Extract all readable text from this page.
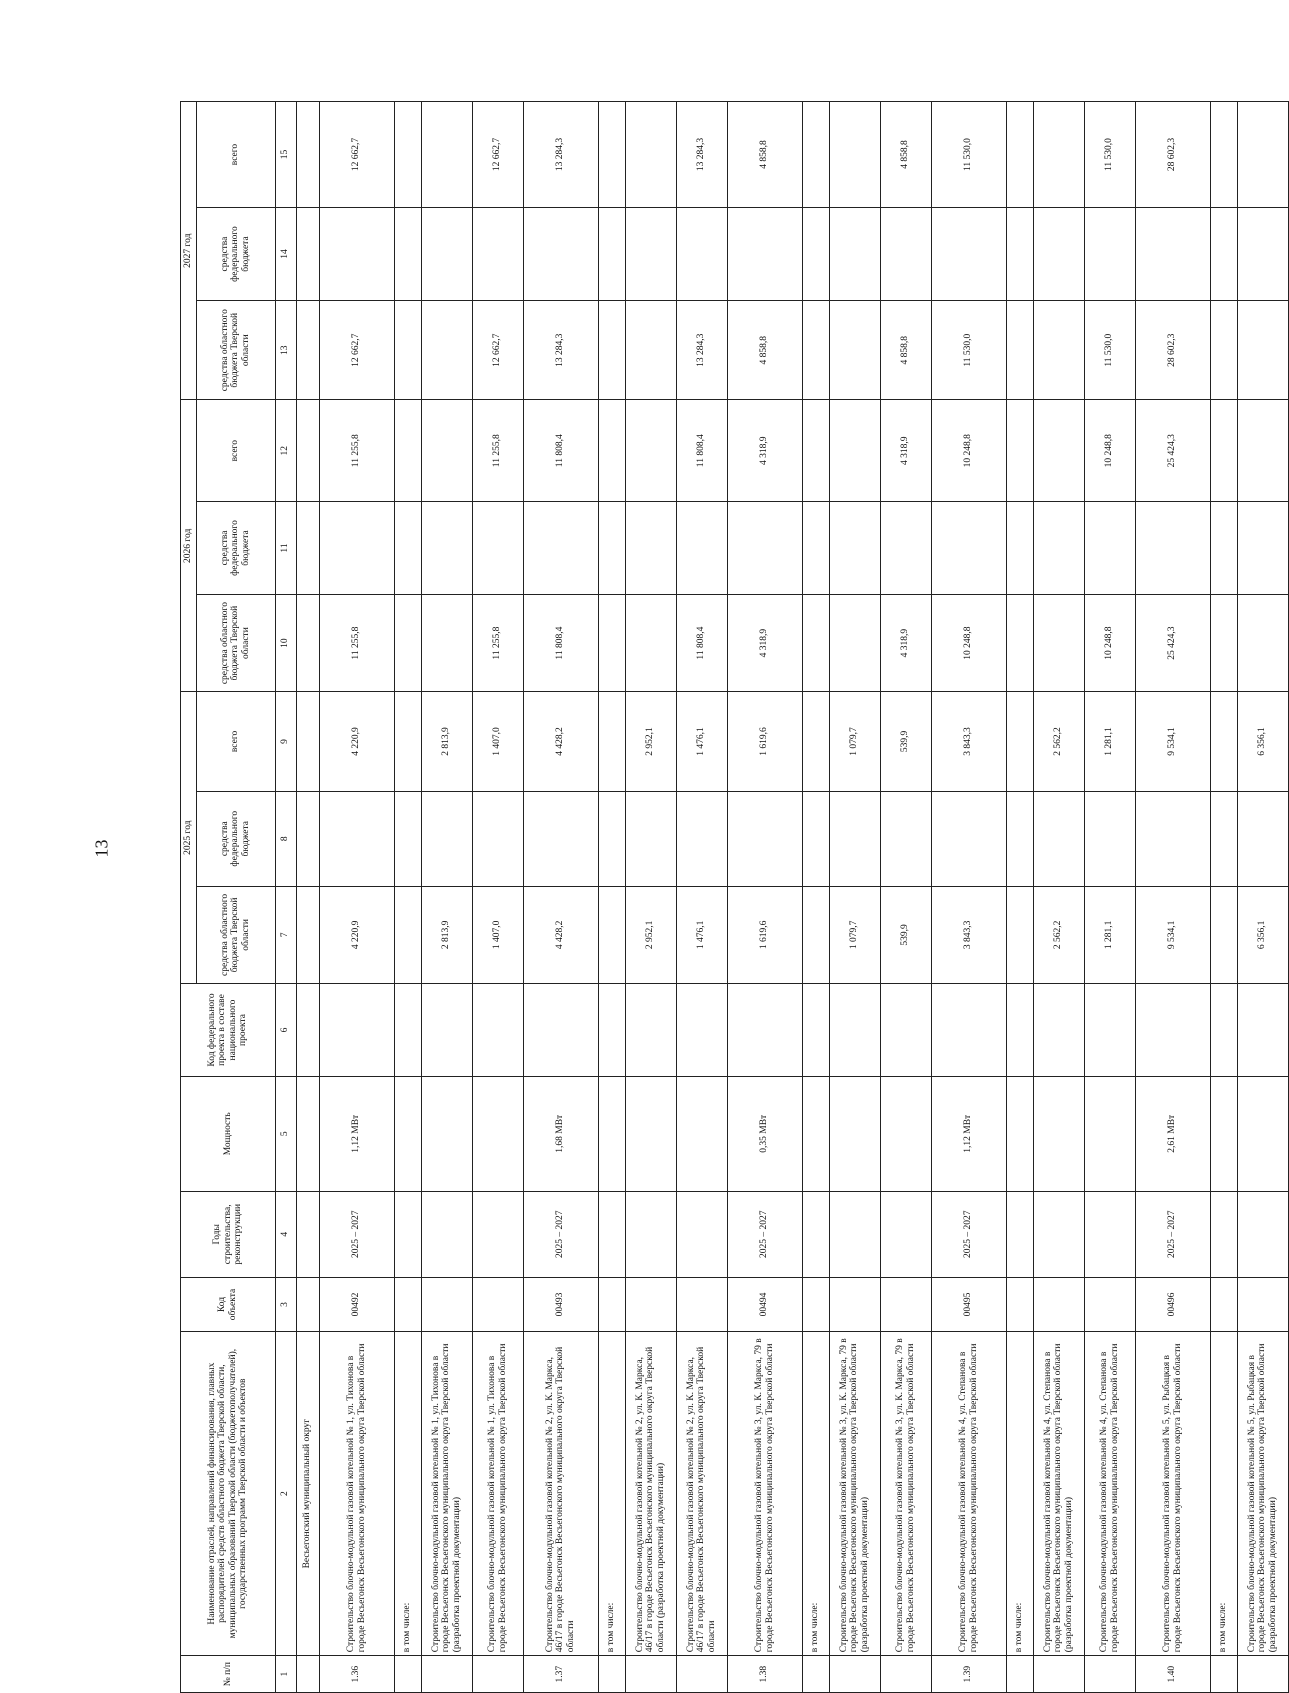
13
№ п/п	Наименование отраслей, направлений финансирования, главных распорядителей средств областного бюджета Тверской области, муниципальных образований Тверской области (бюджетополучателей), государственных программ Тверской области и объектов	Код объекта	Годы строительства, реконструкции	Мощность	Код федерального проекта в составе национального проекта	2025 год			2026 год			2027 год		
						средства областного бюджета Тверской области	средства федерального бюджета	всего	средства областного бюджета Тверской области	средства федерального бюджета	всего	средства областного бюджета Тверской области	средства федерального бюджета	всего
1	2	3	4	5	6	7	8	9	10	11	12	13	14	15
	Весьегонский муниципальный округ													
1.36	Строительство блочно-модульной газовой котельной № 1, ул. Тихонова в городе Весьегонск Весьегонского муниципального округа Тверской области	00492	2025 – 2027	1,12 МВт		4 220,9		4 220,9	11 255,8		11 255,8	12 662,7		12 662,7
	в том числе:													
	Строительство блочно-модульной газовой котельной № 1, ул. Тихонова в городе Весьегонск Весьегонского муниципального округа Тверской области (разработка проектной документации)					2 813,9		2 813,9						
	Строительство блочно-модульной газовой котельной № 1, ул. Тихонова в городе Весьегонск Весьегонского муниципального округа Тверской области					1 407,0		1 407,0	11 255,8		11 255,8	12 662,7		12 662,7
1.37	Строительство блочно-модульной газовой котельной № 2, ул. К. Маркса, 46/17 в городе Весьегонск Весьегонского муниципального округа Тверской области	00493	2025 – 2027	1,68 МВт		4 428,2		4 428,2	11 808,4		11 808,4	13 284,3		13 284,3
	в том числе:													
	Строительство блочно-модульной газовой котельной № 2, ул. К. Маркса, 46/17 в городе Весьегонск Весьегонского муниципального округа Тверской области (разработка проектной документации)					2 952,1		2 952,1						
	Строительство блочно-модульной газовой котельной № 2, ул. К. Маркса, 46/17 в городе Весьегонск Весьегонского муниципального округа Тверской области					1 476,1		1 476,1	11 808,4		11 808,4	13 284,3		13 284,3
1.38	Строительство блочно-модульной газовой котельной № 3, ул. К. Маркса, 79 в городе Весьегонск Весьегонского муниципального округа Тверской области	00494	2025 – 2027	0,35 МВт		1 619,6		1 619,6	4 318,9		4 318,9	4 858,8		4 858,8
	в том числе:													
	Строительство блочно-модульной газовой котельной № 3, ул. К. Маркса, 79 в городе Весьегонск Весьегонского муниципального округа Тверской области (разработка проектной документации)					1 079,7		1 079,7						
	Строительство блочно-модульной газовой котельной № 3, ул. К. Маркса, 79 в городе Весьегонск Весьегонского муниципального округа Тверской области					539,9		539,9	4 318,9		4 318,9	4 858,8		4 858,8
1.39	Строительство блочно-модульной газовой котельной № 4, ул. Степанова в городе Весьегонск Весьегонского муниципального округа Тверской области	00495	2025 – 2027	1,12 МВт		3 843,3		3 843,3	10 248,8		10 248,8	11 530,0		11 530,0
	в том числе:													
	Строительство блочно-модульной газовой котельной № 4, ул. Степанова в городе Весьегонск Весьегонского муниципального округа Тверской области (разработка проектной документации)					2 562,2		2 562,2						
	Строительство блочно-модульной газовой котельной № 4, ул. Степанова в городе Весьегонск Весьегонского муниципального округа Тверской области					1 281,1		1 281,1	10 248,8		10 248,8	11 530,0		11 530,0
1.40	Строительство блочно-модульной газовой котельной № 5, ул. Рыбацкая в городе Весьегонск Весьегонского муниципального округа Тверской области	00496	2025 – 2027	2,61 МВт		9 534,1		9 534,1	25 424,3		25 424,3	28 602,3		28 602,3
	в том числе:													
	Строительство блочно-модульной газовой котельной № 5, ул. Рыбацкая в городе Весьегонск Весьегонского муниципального округа Тверской области (разработка проектной документации)					6 356,1		6 356,1						
